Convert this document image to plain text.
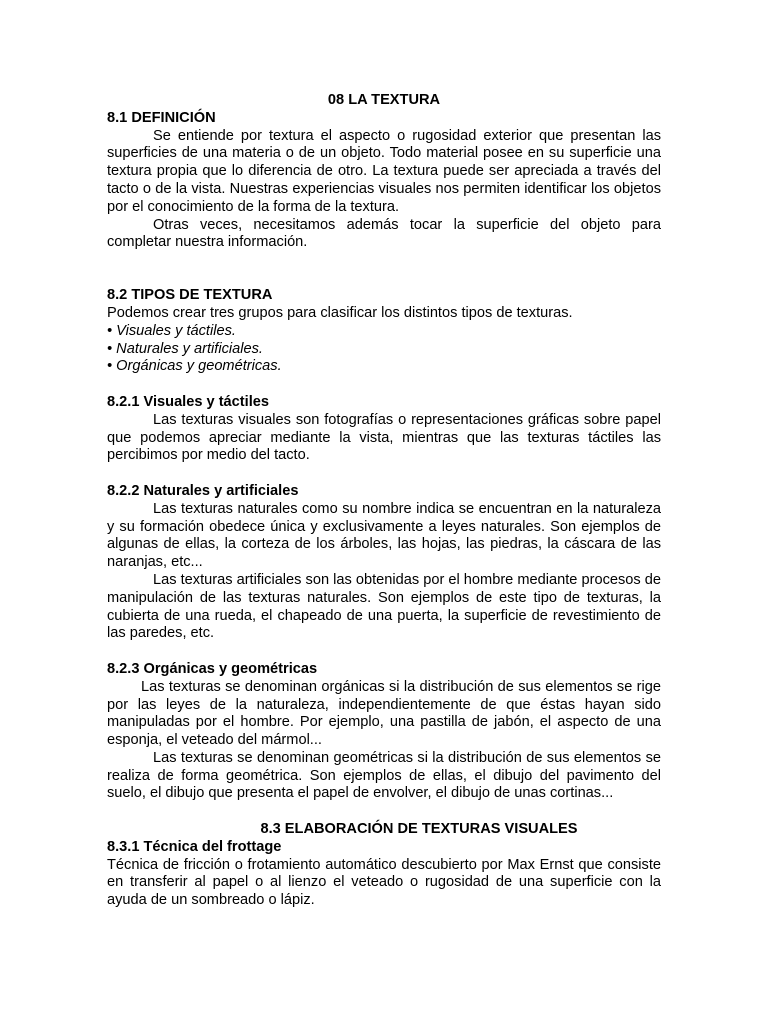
08 LA TEXTURA

8.1 DEFINICIÓN

Se entiende por textura el aspecto o rugosidad exterior que presentan las superficies de una materia o de un objeto. Todo material posee en su superficie una textura propia que lo diferencia de otro. La textura puede ser apreciada a través del tacto o de la vista. Nuestras experiencias visuales nos permiten identificar los objetos por el conocimiento de la forma de la textura.

Otras veces, necesitamos además tocar la superficie del objeto para completar nuestra información.

8.2 TIPOS DE TEXTURA

Podemos crear tres grupos para clasificar los distintos tipos de texturas.

• Visuales y táctiles.

• Naturales y artificiales.

• Orgánicas y geométricas.

8.2.1 Visuales y táctiles

Las texturas visuales son fotografías o representaciones gráficas sobre papel que podemos apreciar mediante la vista, mientras que las texturas táctiles las percibimos por medio del tacto.

8.2.2 Naturales y artificiales

Las texturas naturales como su nombre indica se encuentran en la naturaleza y su formación obedece única y exclusivamente a leyes naturales. Son ejemplos de algunas de ellas, la corteza de los árboles, las hojas, las piedras, la cáscara de las naranjas, etc...

Las texturas artificiales son las obtenidas por el hombre mediante procesos de manipulación de las texturas naturales. Son ejemplos de este tipo de texturas, la cubierta de una rueda, el chapeado de una puerta, la superficie de revestimiento de las paredes, etc.

8.2.3 Orgánicas y geométricas

Las texturas se denominan orgánicas si la distribución de sus elementos se rige por las leyes de la naturaleza, independientemente de que éstas hayan sido manipuladas por el hombre. Por ejemplo, una pastilla de jabón, el aspecto de una esponja, el veteado del mármol...

Las texturas se denominan geométricas si la distribución de sus elementos se realiza de forma geométrica. Son ejemplos de ellas, el dibujo del pavimento del suelo, el dibujo que presenta el papel de envolver, el dibujo de unas cortinas...

8.3 ELABORACIÓN DE TEXTURAS VISUALES

8.3.1 Técnica del frottage

Técnica de fricción o frotamiento automático descubierto por Max Ernst que consiste en transferir al papel o al lienzo el veteado o rugosidad de una superficie con la ayuda de un sombreado o lápiz.
